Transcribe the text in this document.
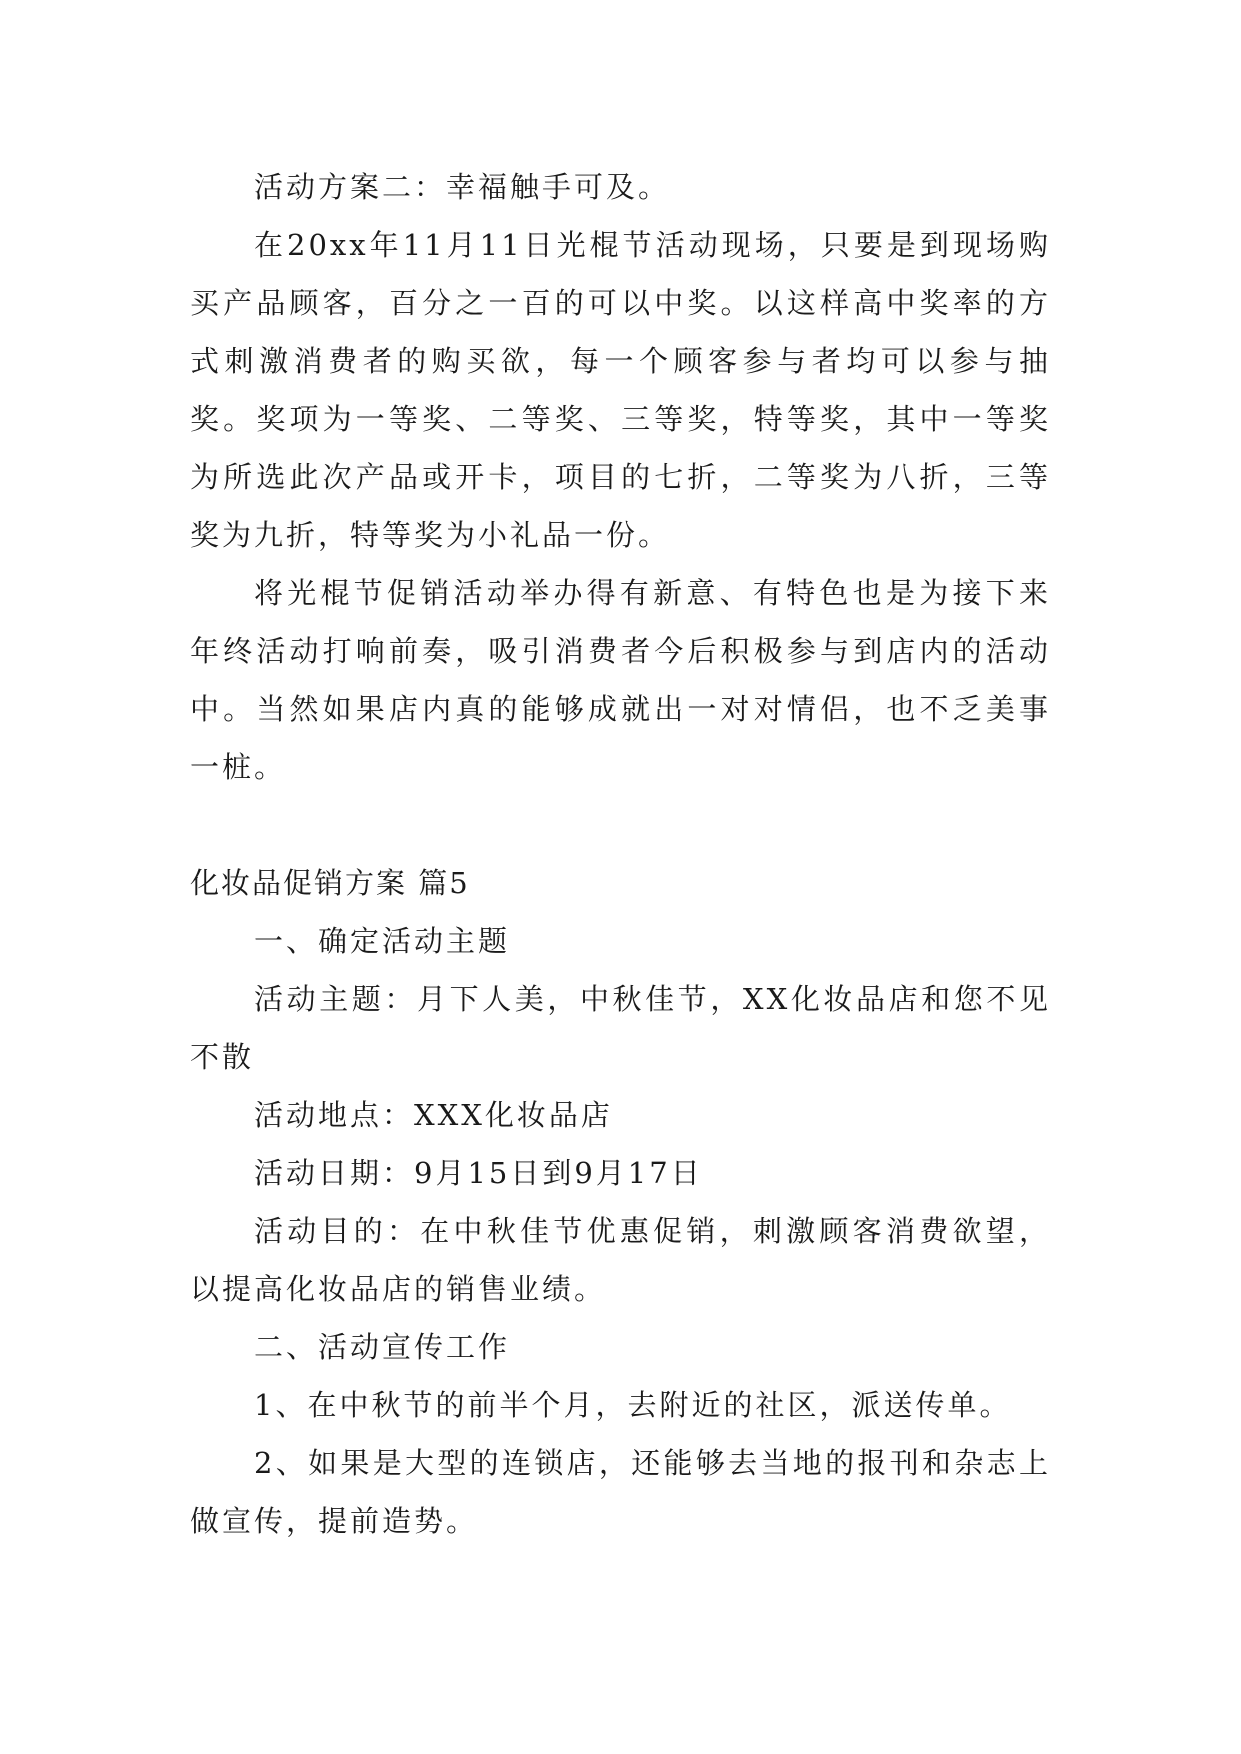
活动方案二：幸福触手可及。

在20xx年11月11日光棍节活动现场，只要是到现场购买产品顾客，百分之一百的可以中奖。以这样高中奖率的方式刺激消费者的购买欲，每一个顾客参与者均可以参与抽奖。奖项为一等奖、二等奖、三等奖，特等奖，其中一等奖为所选此次产品或开卡，项目的七折，二等奖为八折，三等奖为九折，特等奖为小礼品一份。

将光棍节促销活动举办得有新意、有特色也是为接下来年终活动打响前奏，吸引消费者今后积极参与到店内的活动中。当然如果店内真的能够成就出一对对情侣，也不乏美事一桩。

化妆品促销方案 篇5

一、确定活动主题

活动主题：月下人美，中秋佳节，XX化妆品店和您不见不散

活动地点：XXX化妆品店

活动日期：9月15日到9月17日

活动目的：在中秋佳节优惠促销，刺激顾客消费欲望，以提高化妆品店的销售业绩。

二、活动宣传工作

1、在中秋节的前半个月，去附近的社区，派送传单。

2、如果是大型的连锁店，还能够去当地的报刊和杂志上做宣传，提前造势。
